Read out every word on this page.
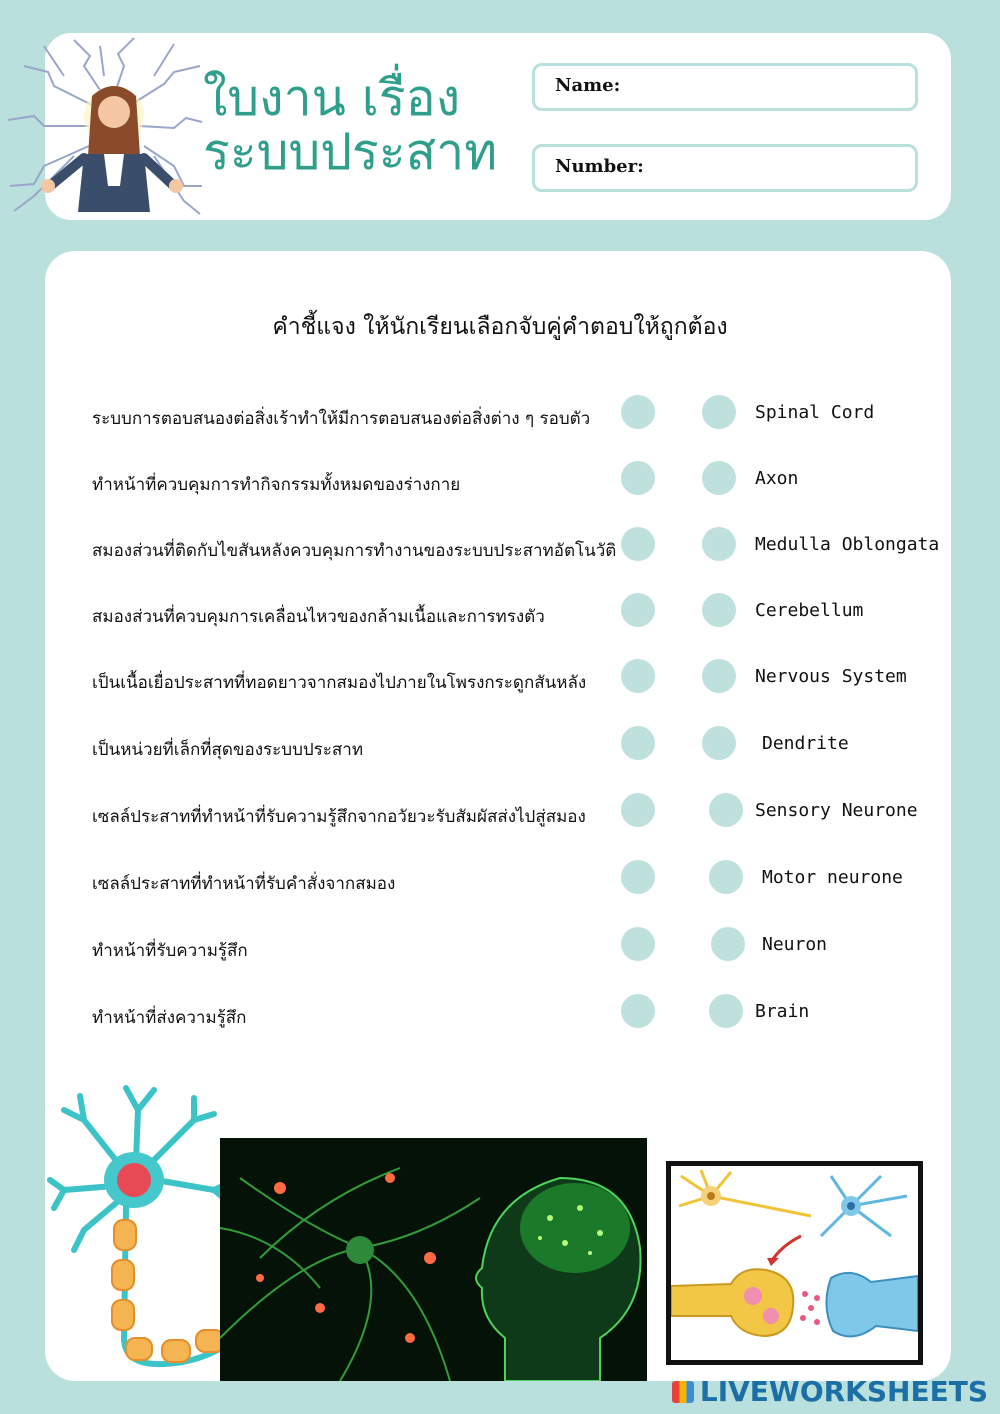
ใบงาน เรื่อง
ระบบประสาท
Name:
Number:
คำชี้แจง ให้นักเรียนเลือกจับคู่คำตอบให้ถูกต้อง
ระบบการตอบสนองต่อสิ่งเร้าทำให้มีการตอบสนองต่อสิ่งต่าง ๆ รอบตัว	Spinal Cord
ทำหน้าที่ควบคุมการทำกิจกรรมทั้งหมดของร่างกาย	Axon
สมองส่วนที่ติดกับไขสันหลังควบคุมการทำงานของระบบประสาทอัตโนวัติ	Medulla Oblongata
สมองส่วนที่ควบคุมการเคลื่อนไหวของกล้ามเนื้อและการทรงตัว	Cerebellum
เป็นเนื้อเยื่อประสาทที่ทอดยาวจากสมองไปภายในโพรงกระดูกสันหลัง	Nervous System
เป็นหน่วยที่เล็กที่สุดของระบบประสาท	Dendrite
เซลล์ประสาทที่ทำหน้าที่รับความรู้สึกจากอวัยวะรับสัมผัสส่งไปสู่สมอง	Sensory Neurone
เซลล์ประสาทที่ทำหน้าที่รับคำสั่งจากสมอง	Motor neurone
ทำหน้าที่รับความรู้สึก	Neuron
ทำหน้าที่ส่งความรู้สึก	Brain
LIVEWORKSHEETS
